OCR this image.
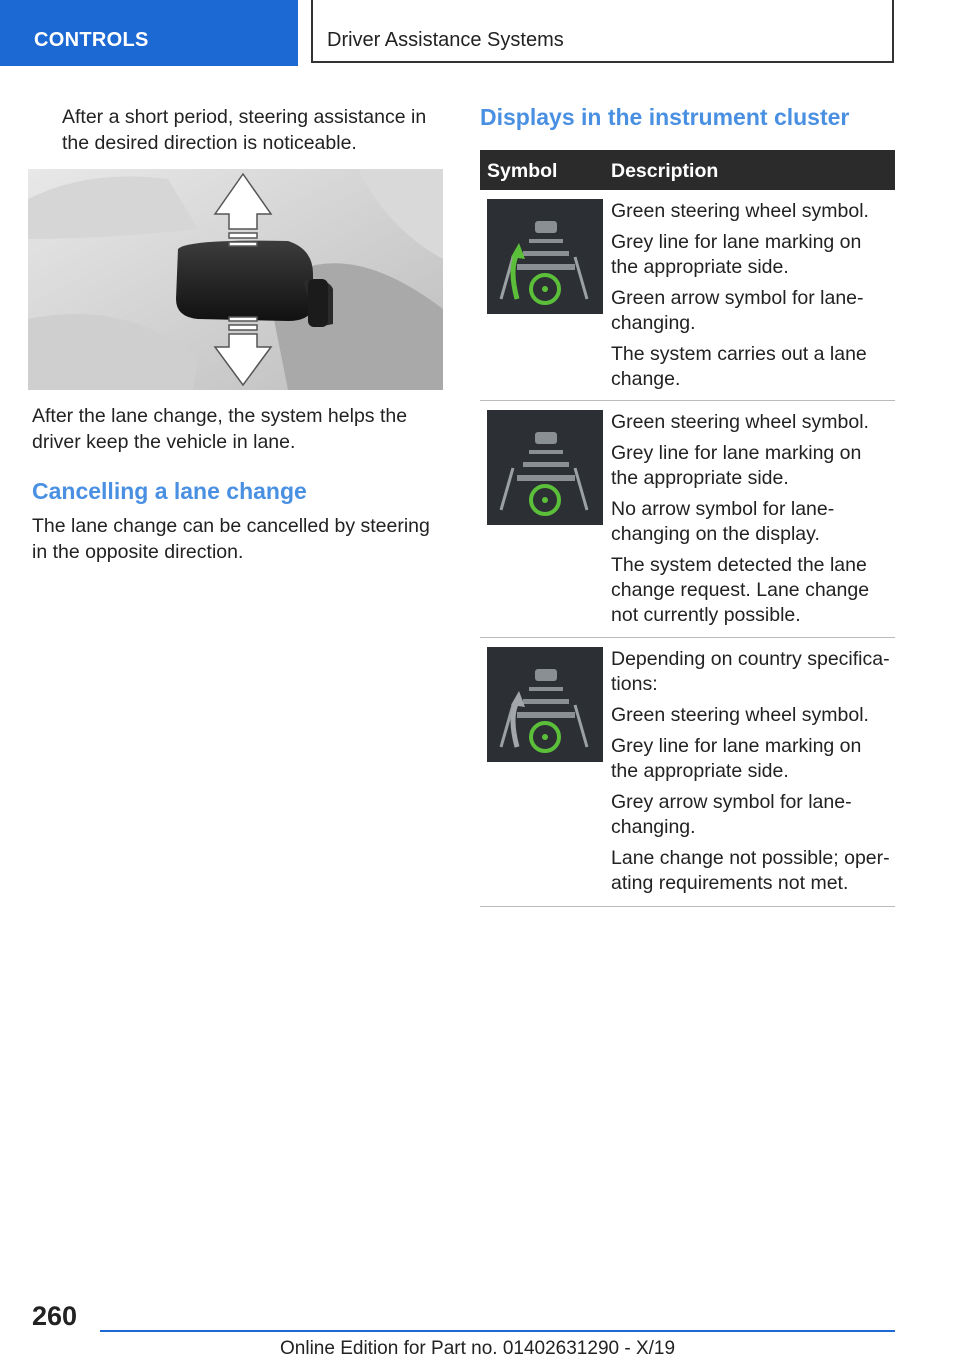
CONTROLS	Driver Assistance Systems

After a short period, steering assistance in the desired direction is noticeable.

After the lane change, the system helps the driver keep the vehicle in lane.

Cancelling a lane change

The lane change can be cancelled by steering in the opposite direction.

Displays in the instrument cluster
Symbol	Description

Green steering wheel symbol.

Grey line for lane marking on the appropriate side.

Green arrow symbol for lane-changing.

The system carries out a lane change.

Green steering wheel symbol.

Grey line for lane marking on the appropriate side.

No arrow symbol for lane-changing on the display.

The system detected the lane change request. Lane change not currently possible.

Depending on country specifica-tions:

Green steering wheel symbol.

Grey line for lane marking on the appropriate side.

Grey arrow symbol for lane-changing.

Lane change not possible; oper-ating requirements not met.

260
Online Edition for Part no. 01402631290 - X/19
